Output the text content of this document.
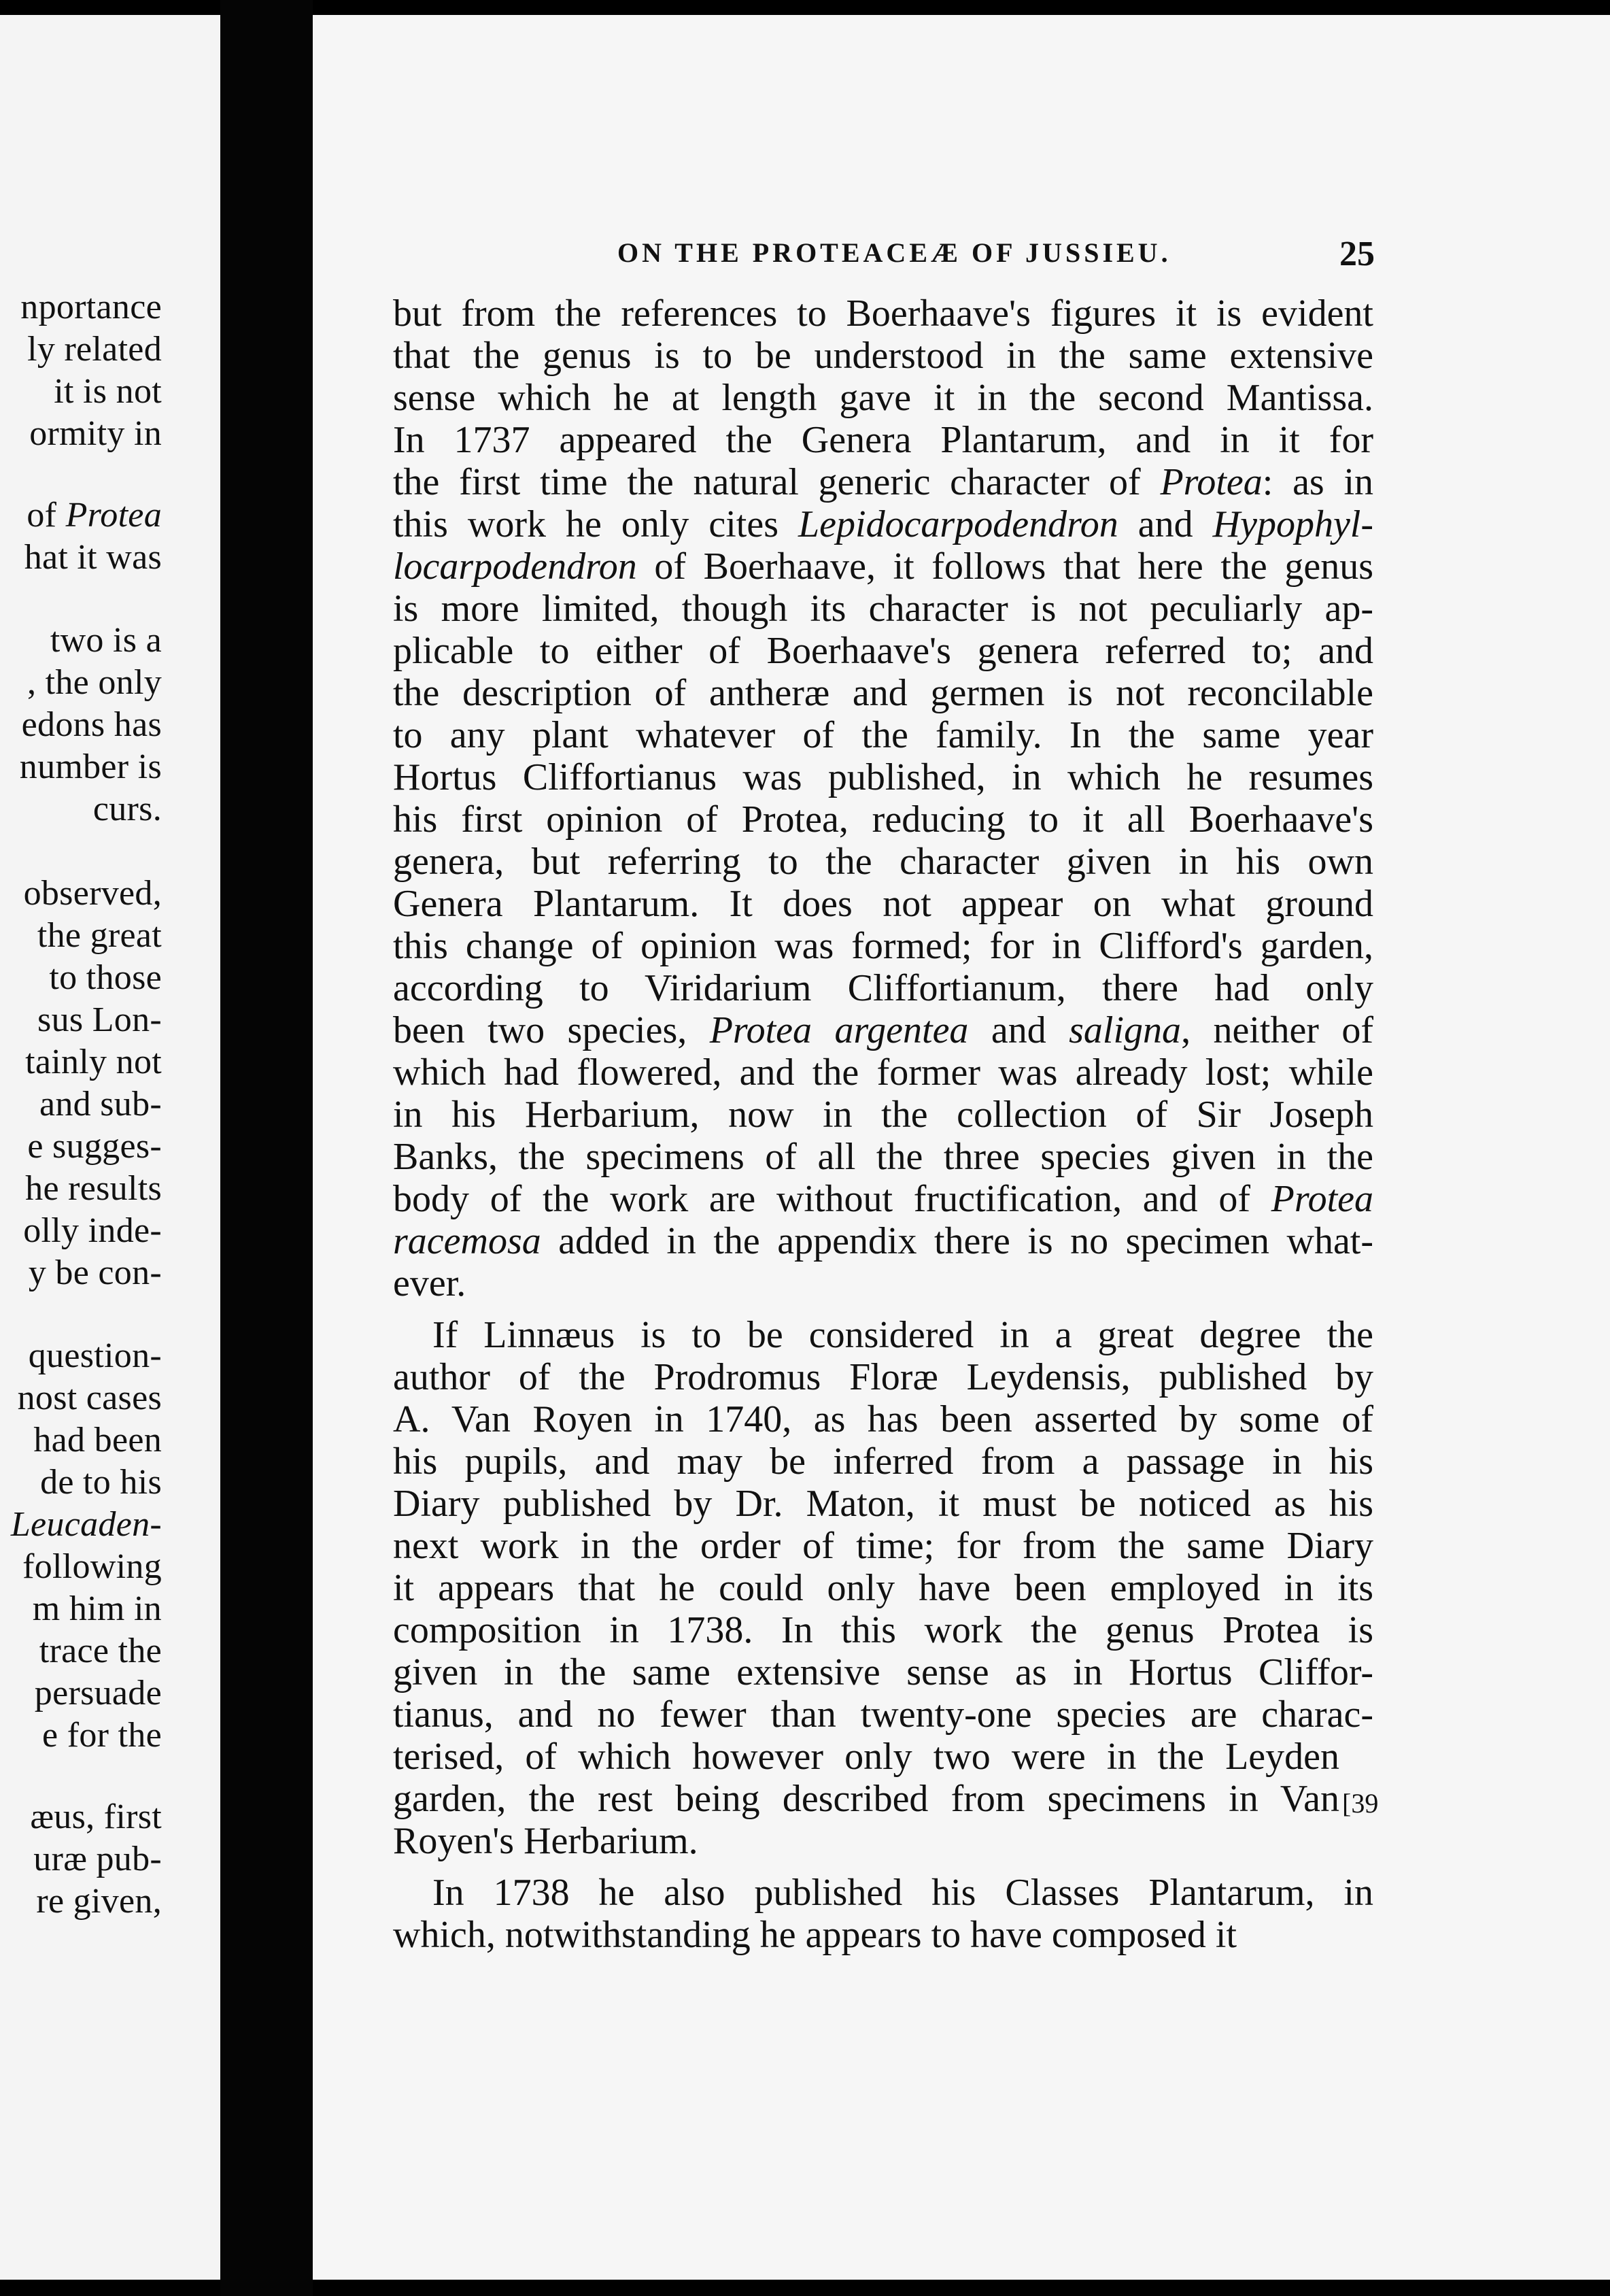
nportance
ly related
it is not
ormity in
of Protea
hat it was
two is a
, the only
edons has
number is
curs.
observed,
the great
to those
sus Lon-
tainly not
and sub-
e sugges-
he results
olly inde-
y be con-
question-
nost cases
had been
de to his
Leucaden-
following
m him in
trace the
persuade
e for the
æus, first
uræ pub-
re given,
ON THE PROTEACEÆ OF JUSSIEU.	25
but from the references to Boerhaave's figures it is evident
that the genus is to be understood in the same extensive
sense which he at length gave it in the second Mantissa.
In 1737 appeared the Genera Plantarum, and in it for
the first time the natural generic character of Protea: as in
this work he only cites Lepidocarpodendron and Hypophyl-
locarpodendron of Boerhaave, it follows that here the genus
is more limited, though its character is not peculiarly ap-
plicable to either of Boerhaave's genera referred to; and
the description of antheræ and germen is not reconcilable
to any plant whatever of the family. In the same year
Hortus Cliffortianus was published, in which he resumes
his first opinion of Protea, reducing to it all Boerhaave's
genera, but referring to the character given in his own
Genera Plantarum. It does not appear on what ground
this change of opinion was formed; for in Clifford's garden,
according to Viridarium Cliffortianum, there had only
been two species, Protea argentea and saligna, neither of
which had flowered, and the former was already lost; while
in his Herbarium, now in the collection of Sir Joseph
Banks, the specimens of all the three species given in the
body of the work are without fructification, and of Protea
racemosa added in the appendix there is no specimen what-
ever.
If Linnæus is to be considered in a great degree the
author of the Prodromus Floræ Leydensis, published by
A. Van Royen in 1740, as has been asserted by some of
his pupils, and may be inferred from a passage in his
Diary published by Dr. Maton, it must be noticed as his
next work in the order of time; for from the same Diary
it appears that he could only have been employed in its
composition in 1738. In this work the genus Protea is
given in the same extensive sense as in Hortus Cliffor-
tianus, and no fewer than twenty-one species are charac-
terised, of which however only two were in the Leyden
garden, the rest being described from specimens in Van
Royen's Herbarium.
In 1738 he also published his Classes Plantarum, in
which, notwithstanding he appears to have composed it
[39
